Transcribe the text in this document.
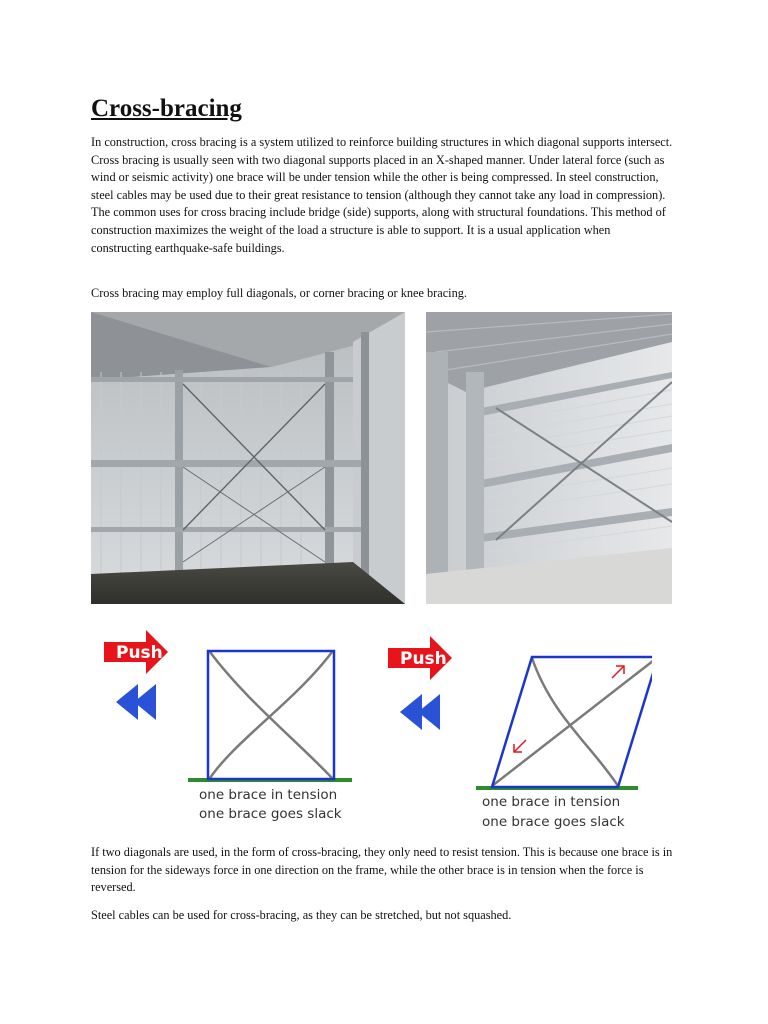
Cross-bracing

In construction, cross bracing is a system utilized to reinforce building structures in which diagonal supports intersect. Cross bracing is usually seen with two diagonal supports placed in an X-shaped manner. Under lateral force (such as wind or seismic activity) one brace will be under tension while the other is being compressed. In steel construction, steel cables may be used due to their great resistance to tension (although they cannot take any load in compression). The common uses for cross bracing include bridge (side) supports, along with structural foundations. This method of construction maximizes the weight of the load a structure is able to support. It is a usual application when constructing earthquake-safe buildings.

Cross bracing may employ full diagonals, or corner bracing or knee bracing.

Push
one brace in tension
one brace goes slack
Push
one brace in tension
one brace goes slack

If two diagonals are used, in the form of cross-bracing, they only need to resist tension. This is because one brace is in tension for the sideways force in one direction on the frame, while the other brace is in tension when the force is reversed.

Steel cables can be used for cross-bracing, as they can be stretched, but not squashed.
